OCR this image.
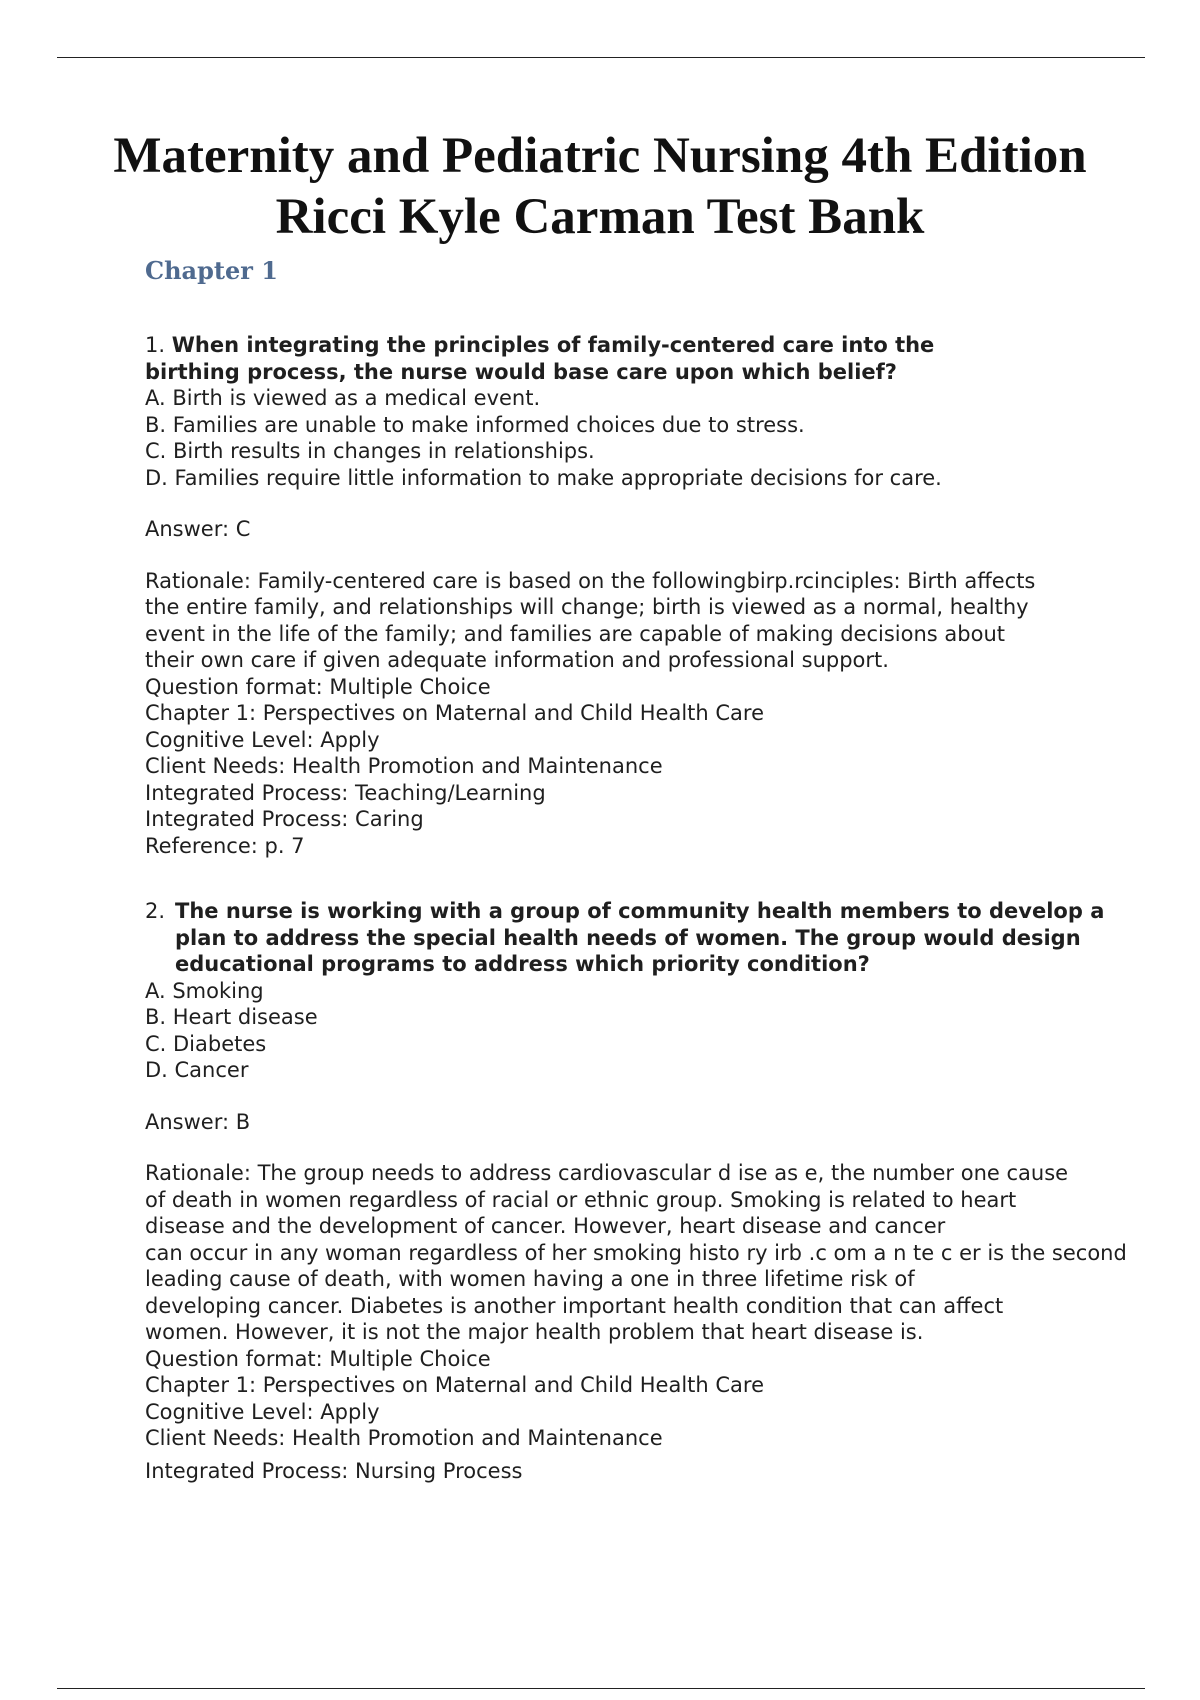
Maternity and Pediatric Nursing 4th Edition
Ricci Kyle Carman Test Bank
Chapter 1
1. When integrating the principles of family-centered care into the
birthing process, the nurse would base care upon which belief?
A. Birth is viewed as a medical event.
B. Families are unable to make informed choices due to stress.
C. Birth results in changes in relationships.
D. Families require little information to make appropriate decisions for care.
Answer: C
Rationale: Family-centered care is based on the followingbirp.rcinciples: Birth affects
the entire family, and relationships will change; birth is viewed as a normal, healthy
event in the life of the family; and families are capable of making decisions about
their own care if given adequate information and professional support.
Question format: Multiple Choice
Chapter 1: Perspectives on Maternal and Child Health Care
Cognitive Level: Apply
Client Needs: Health Promotion and Maintenance
Integrated Process: Teaching/Learning
Integrated Process: Caring
Reference: p. 7
2. The nurse is working with a group of community health members to develop a plan to address the special health needs of women. The group would design educational programs to address which priority condition?
A. Smoking
B. Heart disease
C. Diabetes
D. Cancer
Answer: B
Rationale: The group needs to address cardiovascular d ise as e, the number one cause
of death in women regardless of racial or ethnic group. Smoking is related to heart
disease and the development of cancer. However, heart disease and cancer
can occur in any woman regardless of her smoking histo ry irb .c om a n te c er is the second
leading cause of death, with women having a one in three lifetime risk of
developing cancer. Diabetes is another important health condition that can affect
women. However, it is not the major health problem that heart disease is.
Question format: Multiple Choice
Chapter 1: Perspectives on Maternal and Child Health Care
Cognitive Level: Apply
Client Needs: Health Promotion and Maintenance
Integrated Process: Nursing Process
